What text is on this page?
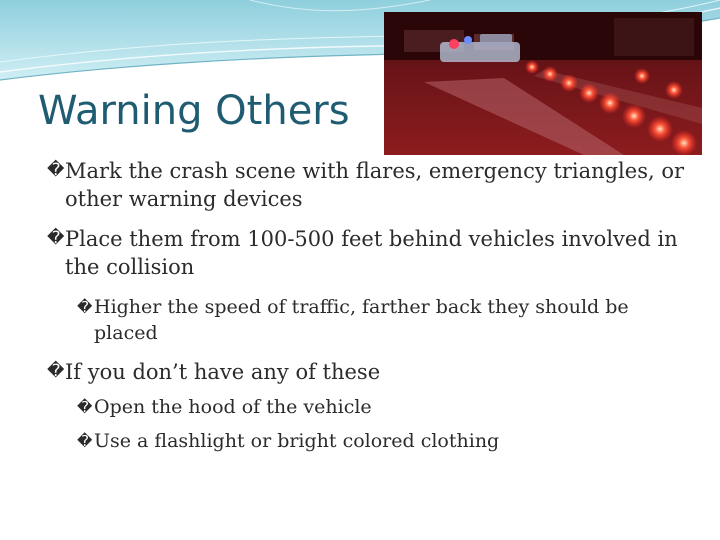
Warning Others
� Mark the crash scene with flares, emergency triangles, or other warning devices
� Place them from 100-500 feet behind vehicles involved in the collision
� Higher the speed of traffic, farther back they should be placed
� If you don’t have any of these
� Open the hood of the vehicle
� Use a flashlight or bright colored clothing
